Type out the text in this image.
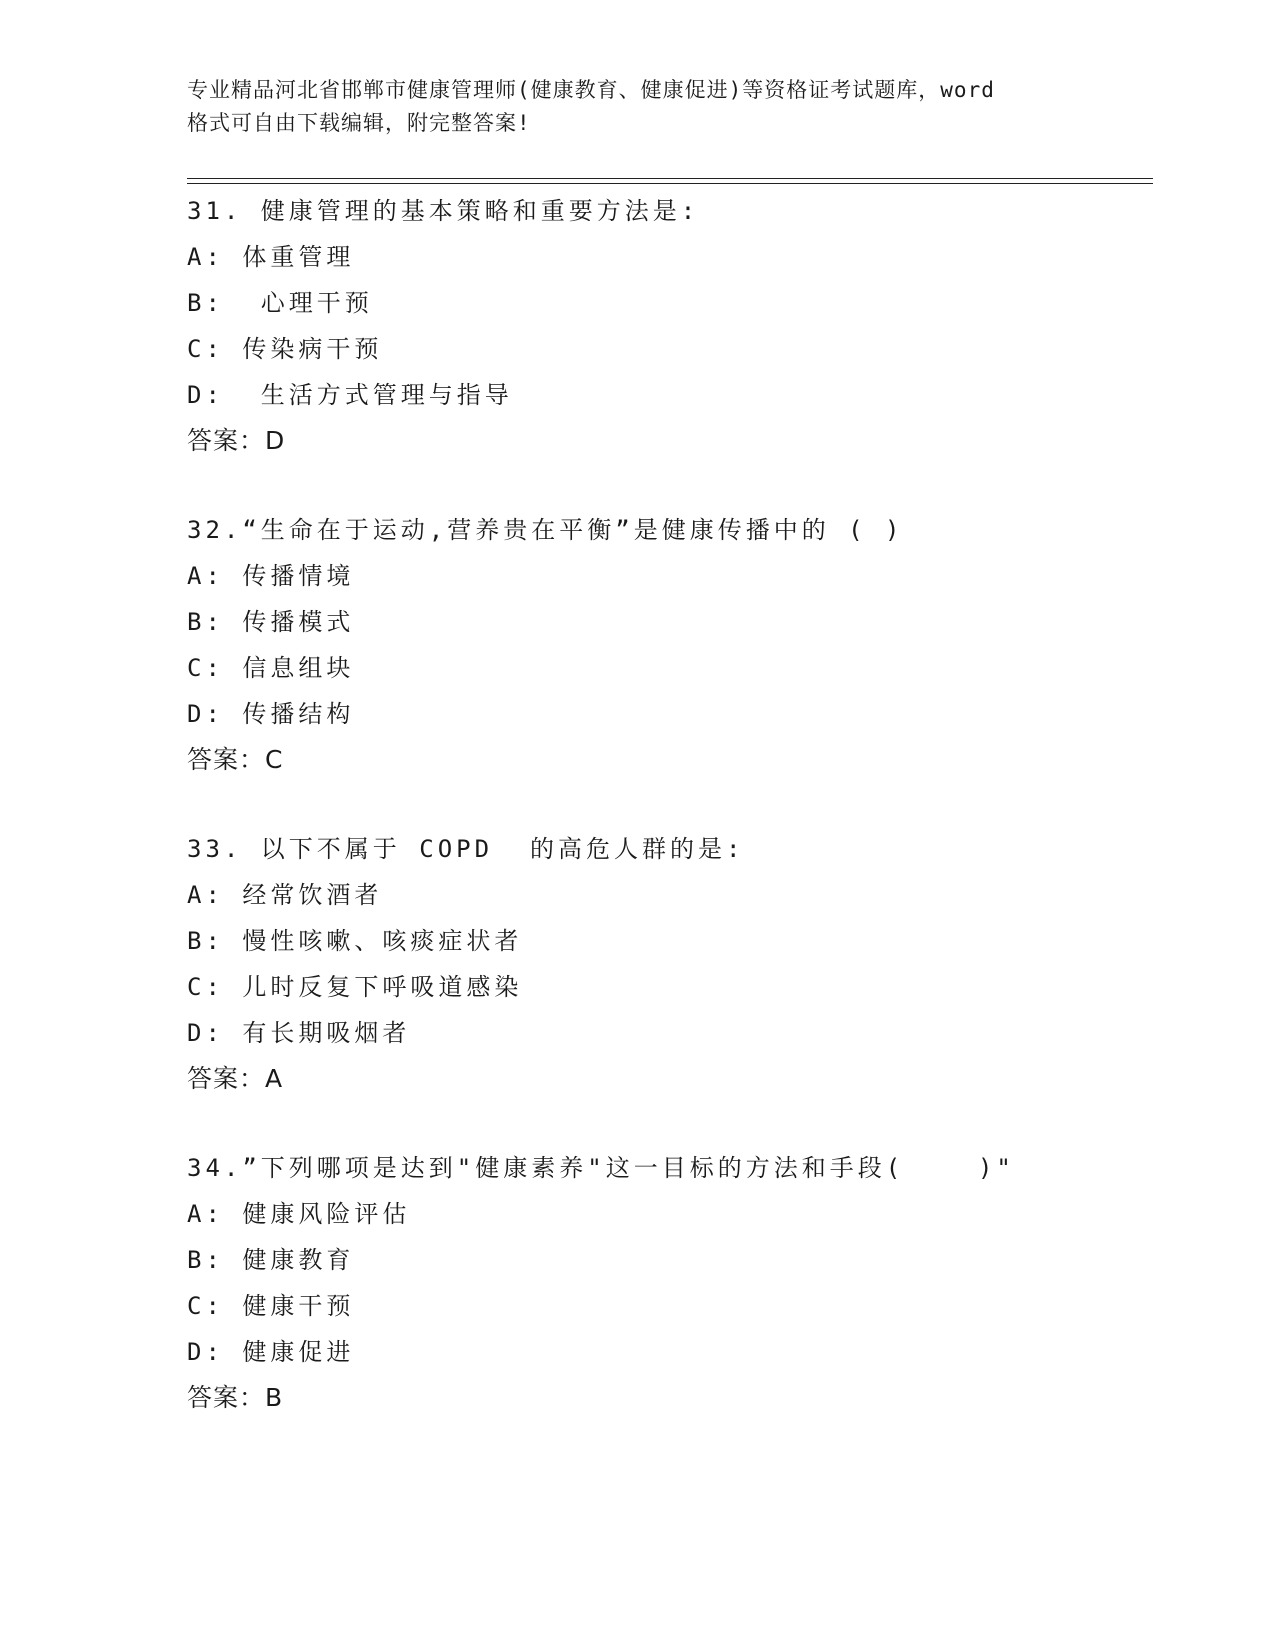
专业精品河北省邯郸市健康管理师(健康教育、健康促进)等资格证考试题库，word
格式可自由下载编辑，附完整答案!
31. 健康管理的基本策略和重要方法是:
A: 体重管理
B:  心理干预
C: 传染病干预
D:  生活方式管理与指导
答案：D
32.“生命在于运动,营养贵在平衡”是健康传播中的 ( )
A: 传播情境
B: 传播模式
C: 信息组块
D: 传播结构
答案：C
33. 以下不属于 COPD  的高危人群的是:
A: 经常饮酒者
B: 慢性咳嗽、咳痰症状者
C: 儿时反复下呼吸道感染
D: 有长期吸烟者
答案：A
34.”下列哪项是达到"健康素养"这一目标的方法和手段(    )"
A: 健康风险评估
B: 健康教育
C: 健康干预
D: 健康促进
答案：B
